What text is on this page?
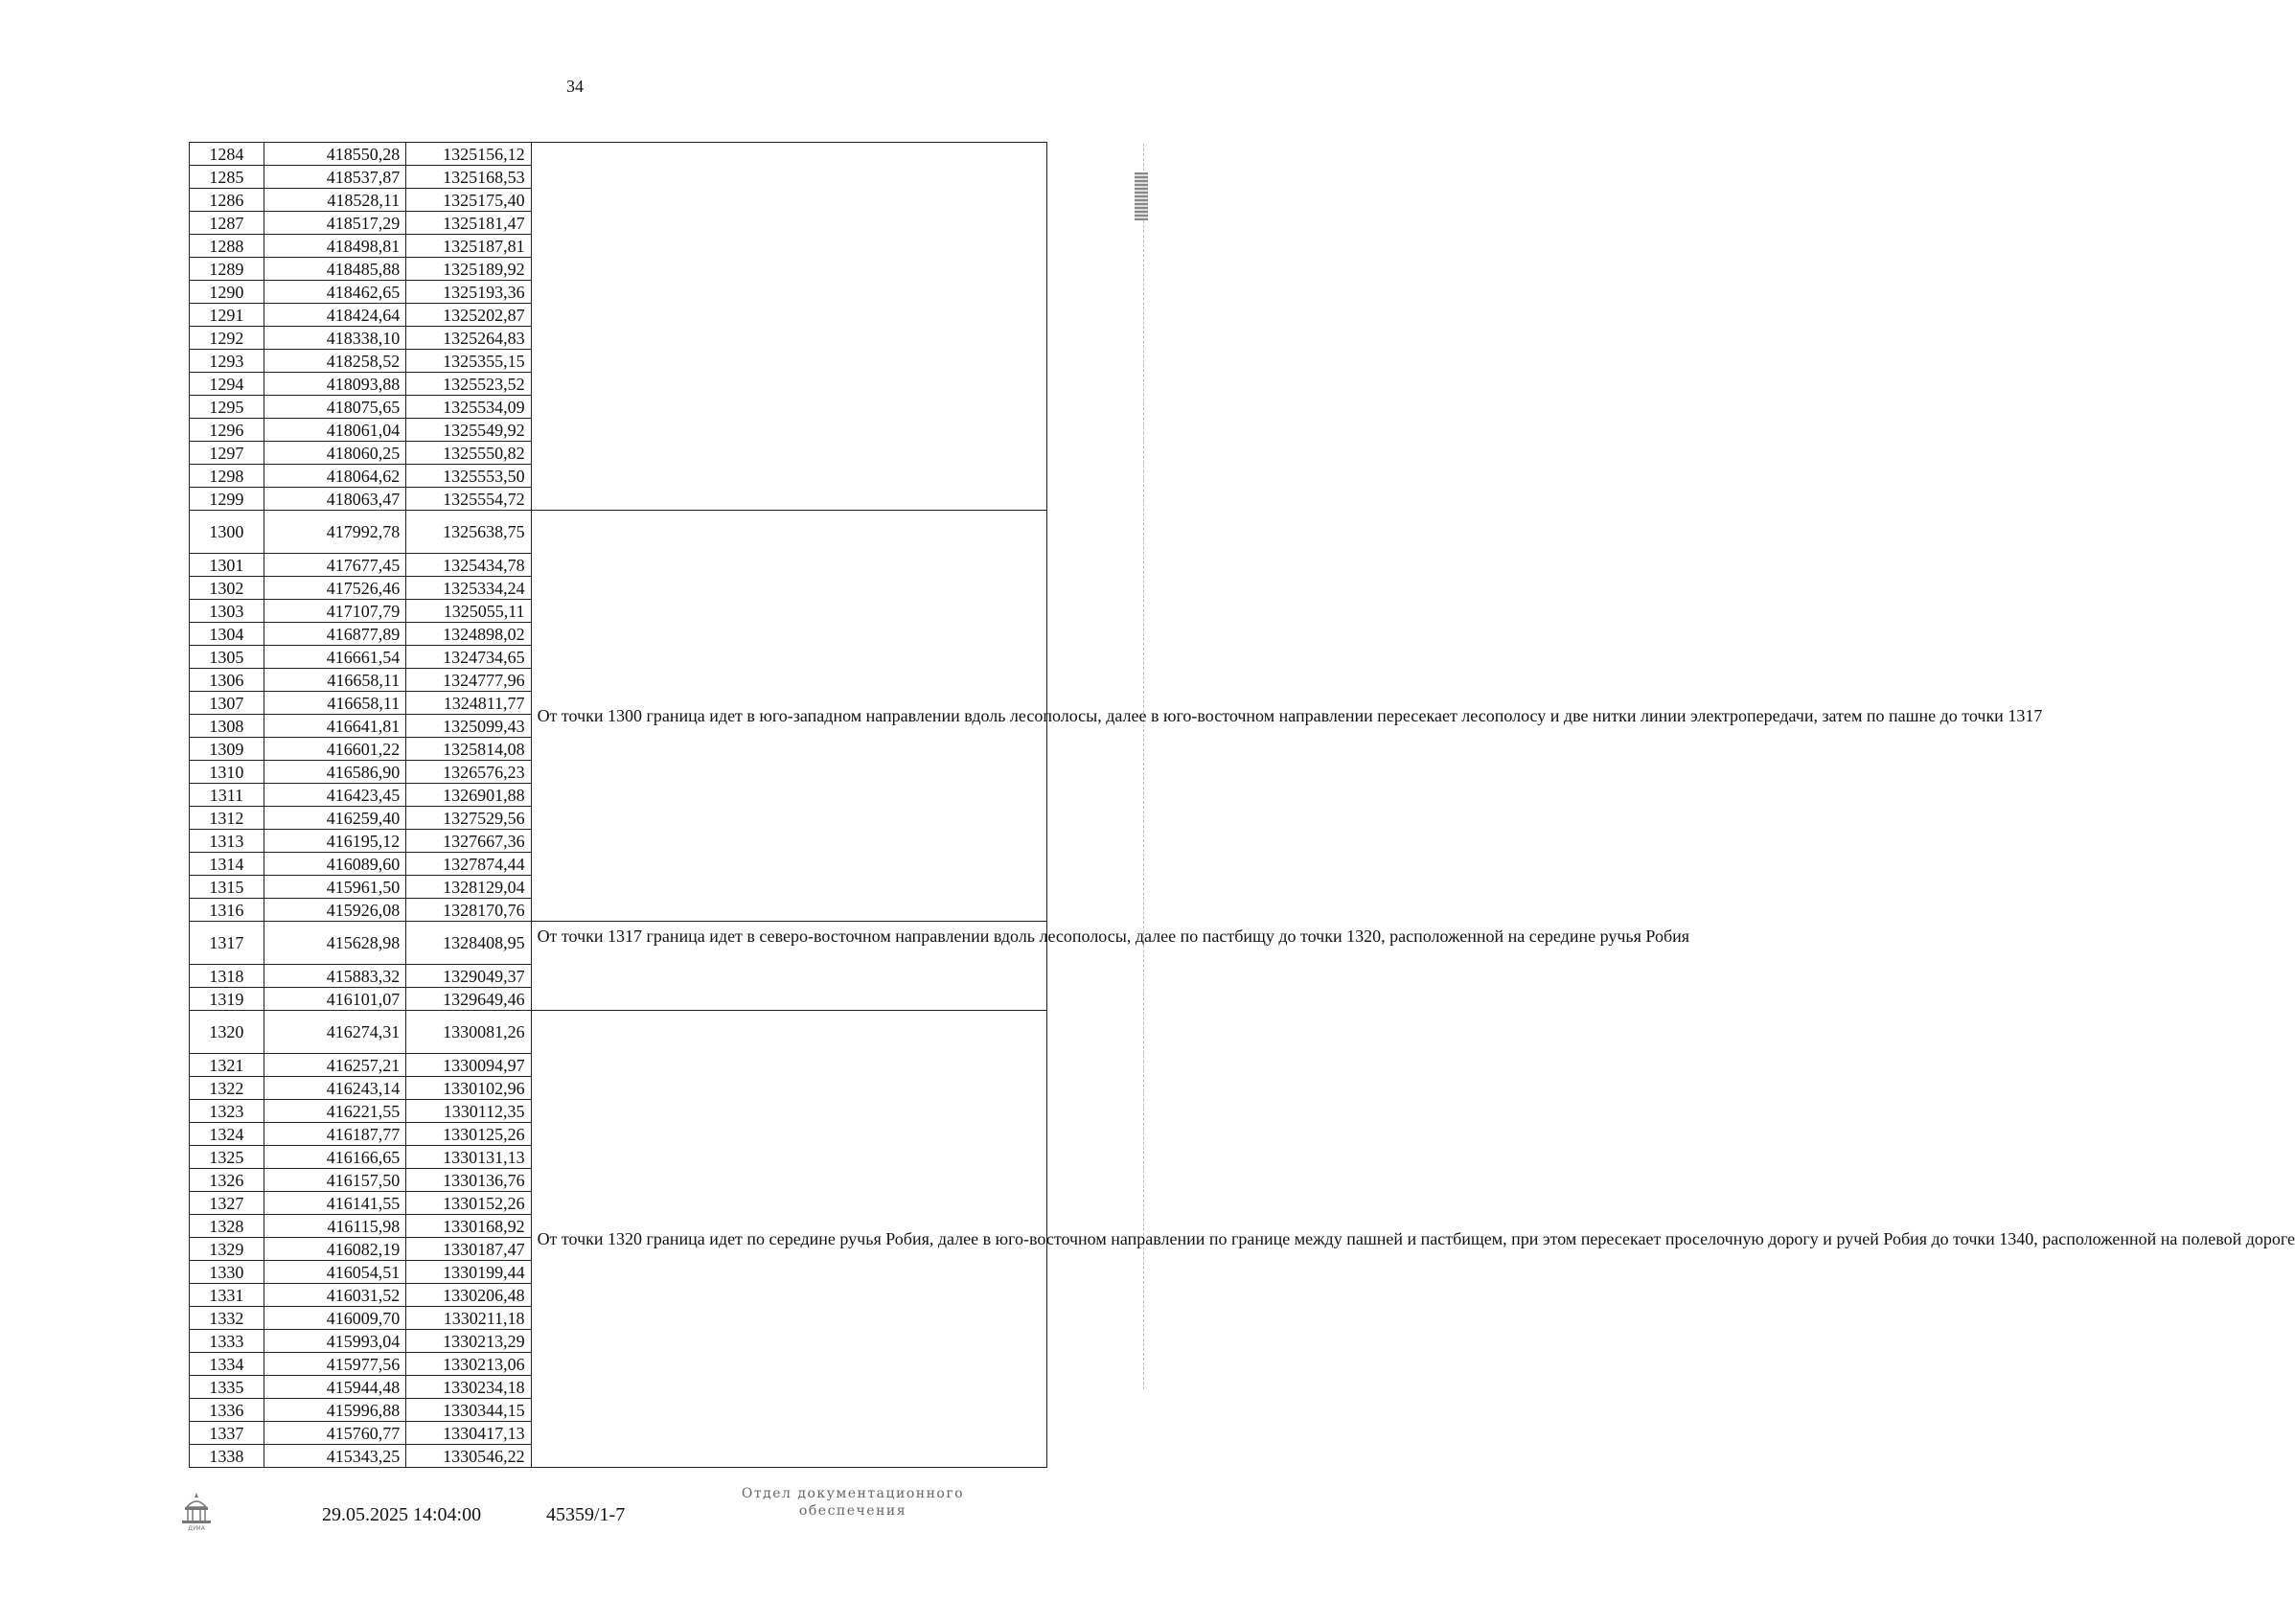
34
1284	418550,28	1325156,12	
1285	418537,87	1325168,53	
1286	418528,11	1325175,40	
1287	418517,29	1325181,47	
1288	418498,81	1325187,81	
1289	418485,88	1325189,92	
1290	418462,65	1325193,36	
1291	418424,64	1325202,87	
1292	418338,10	1325264,83	
1293	418258,52	1325355,15	
1294	418093,88	1325523,52	
1295	418075,65	1325534,09	
1296	418061,04	1325549,92	
1297	418060,25	1325550,82	
1298	418064,62	1325553,50	
1299	418063,47	1325554,72	
1300	417992,78	1325638,75	От точки 1300 граница идет в юго-западном направлении вдоль лесополосы, далее в юго-восточном направлении пересекает лесополосу и две нитки линии электропередачи, затем по пашне до точки 1317
1301	417677,45	1325434,78	
1302	417526,46	1325334,24	
1303	417107,79	1325055,11	
1304	416877,89	1324898,02	
1305	416661,54	1324734,65	
1306	416658,11	1324777,96	
1307	416658,11	1324811,77	
1308	416641,81	1325099,43	
1309	416601,22	1325814,08	
1310	416586,90	1326576,23	
1311	416423,45	1326901,88	
1312	416259,40	1327529,56	
1313	416195,12	1327667,36	
1314	416089,60	1327874,44	
1315	415961,50	1328129,04	
1316	415926,08	1328170,76	
1317	415628,98	1328408,95	От точки 1317 граница идет в северо-восточном направлении вдоль лесополосы, далее по пастбищу до точки 1320, расположенной на середине ручья Робия
1318	415883,32	1329049,37	
1319	416101,07	1329649,46	
1320	416274,31	1330081,26	От точки 1320 граница идет по середине ручья Робия, далее в юго-восточном направлении по границе между пашней и пастбищем, при этом пересекает проселочную дорогу и ручей Робия до точки 1340, расположенной на полевой дороге
1321	416257,21	1330094,97	
1322	416243,14	1330102,96	
1323	416221,55	1330112,35	
1324	416187,77	1330125,26	
1325	416166,65	1330131,13	
1326	416157,50	1330136,76	
1327	416141,55	1330152,26	
1328	416115,98	1330168,92	
1329	416082,19	1330187,47	
1330	416054,51	1330199,44	
1331	416031,52	1330206,48	
1332	416009,70	1330211,18	
1333	415993,04	1330213,29	
1334	415977,56	1330213,06	
1335	415944,48	1330234,18	
1336	415996,88	1330344,15	
1337	415760,77	1330417,13	
1338	415343,25	1330546,22	
ДУМА
29.05.2025 14:04:00	45359/1-7
Отдел документационного
обеспечения
